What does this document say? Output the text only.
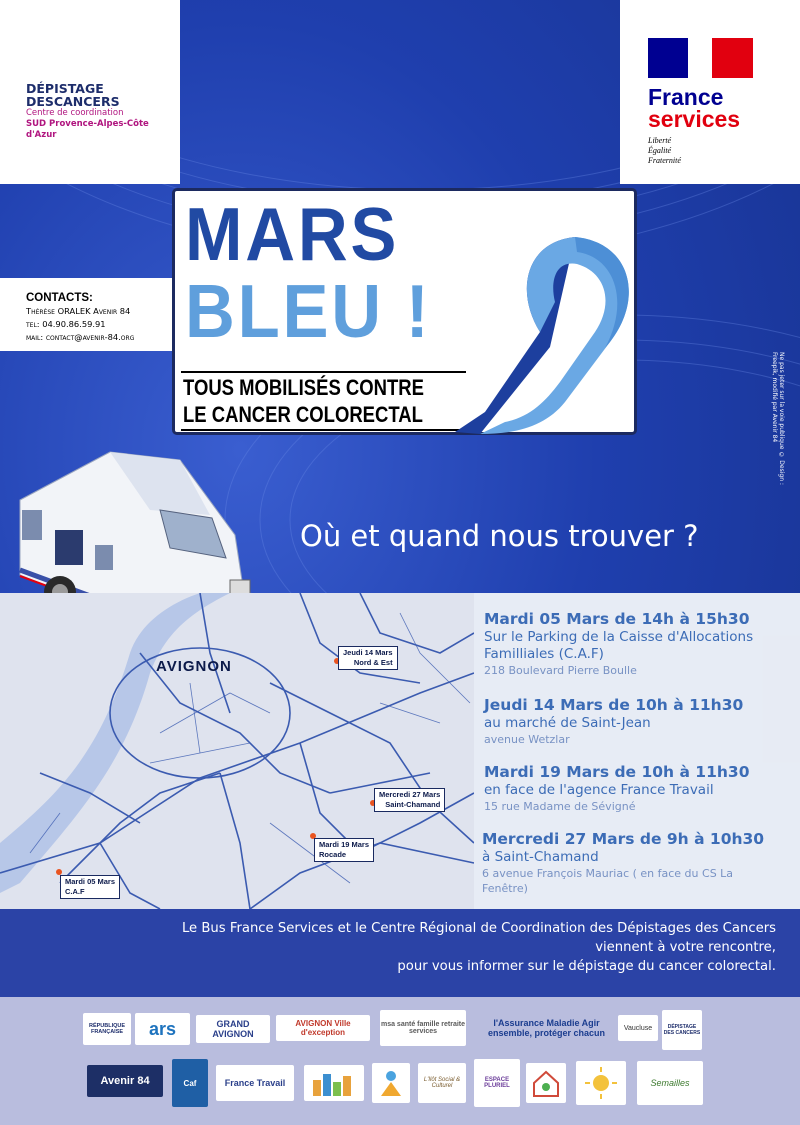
DÉPISTAGE
DESCANCERS
Centre de coordination
SUD Provence-Alpes-Côte d'Azur
France
services
Liberté
Égalité
Fraternité
CONTACTS:
Thérèse ORALEK Avenir 84
tel: 04.90.86.59.91
mail: contact@avenir-84.org
MARS
BLEU !
TOUS MOBILISÉS CONTRE
LE CANCER COLORECTAL	Ne pas jeter sur la voie publique © Design : Freepik, modifié par Avenir 84
Où et quand nous trouver ?
AVIGNON
Jeudi 14 Mars
Nord & Est
Mercredi 27 Mars
Saint-Chamand
Mardi 19 Mars
Rocade
Mardi 05 Mars
C.A.F
Mardi 05 Mars de 14h à 15h30
Sur le Parking de la Caisse d'Allocations Familliales (C.A.F)
218 Boulevard Pierre Boulle
Jeudi 14 Mars de 10h à 11h30
au marché de Saint-Jean
avenue Wetzlar
Mardi 19 Mars de 10h à 11h30
en face de l'agence France Travail
15 rue Madame de Sévigné
Mercredi 27 Mars de 9h à 10h30
à Saint-Chamand
6 avenue François Mauriac ( en face du CS La Fenêtre)
Le Bus France Services et le Centre Régional de Coordination des Dépistages des Cancers
viennent à votre rencontre,
pour vous informer sur le dépistage du cancer colorectal.
RÉPUBLIQUE FRANÇAISE	ars	GRAND AVIGNON
AVIGNON Ville d'exception
msa santé famille retraite services
l'Assurance Maladie Agir ensemble, protéger chacun	Vaucluse	DÉPISTAGE DES CANCERS
Avenir 84	Caf	France Travail	L'Ilôt Social & Culturel
ESPACE PLURIEL	Semailles
